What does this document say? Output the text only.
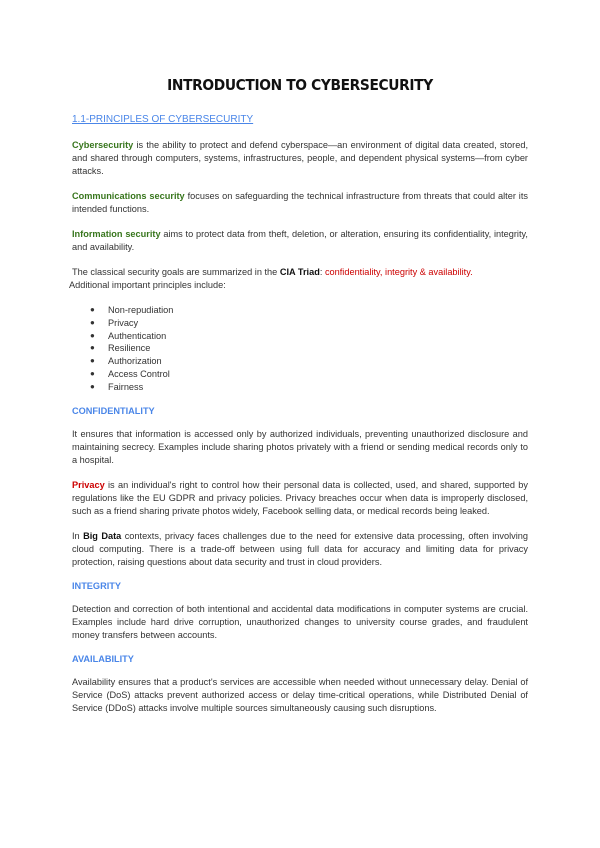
INTRODUCTION TO CYBERSECURITY
1.1-PRINCIPLES OF CYBERSECURITY

Cybersecurity is the ability to protect and defend cyberspace—an environment of digital data created, stored, and shared through computers, systems, infrastructures, people, and dependent physical systems—from cyber attacks.

Communications security focuses on safeguarding the technical infrastructure from threats that could alter its intended functions.

Information security aims to protect data from theft, deletion, or alteration, ensuring its confidentiality, integrity, and availability.

The classical security goals are summarized in the CIA Triad: confidentiality, integrity & availability.
Additional important principles include:

● Non-repudiation
● Privacy
● Authentication
● Resilience
● Authorization
● Access Control
● Fairness
CONFIDENTIALITY

It ensures that information is accessed only by authorized individuals, preventing unauthorized disclosure and maintaining secrecy. Examples include sharing photos privately with a friend or sending medical records only to a hospital.

Privacy is an individual's right to control how their personal data is collected, used, and shared, supported by regulations like the EU GDPR and privacy policies. Privacy breaches occur when data is improperly disclosed, such as a friend sharing private photos widely, Facebook selling data, or medical records being leaked.

In Big Data contexts, privacy faces challenges due to the need for extensive data processing, often involving cloud computing. There is a trade-off between using full data for accuracy and limiting data for privacy protection, raising questions about data security and trust in cloud providers.

INTEGRITY

Detection and correction of both intentional and accidental data modifications in computer systems are crucial. Examples include hard drive corruption, unauthorized changes to university course grades, and fraudulent money transfers between accounts.

AVAILABILITY

Availability ensures that a product's services are accessible when needed without unnecessary delay. Denial of Service (DoS) attacks prevent authorized access or delay time-critical operations, while Distributed Denial of Service (DDoS) attacks involve multiple sources simultaneously causing such disruptions.
